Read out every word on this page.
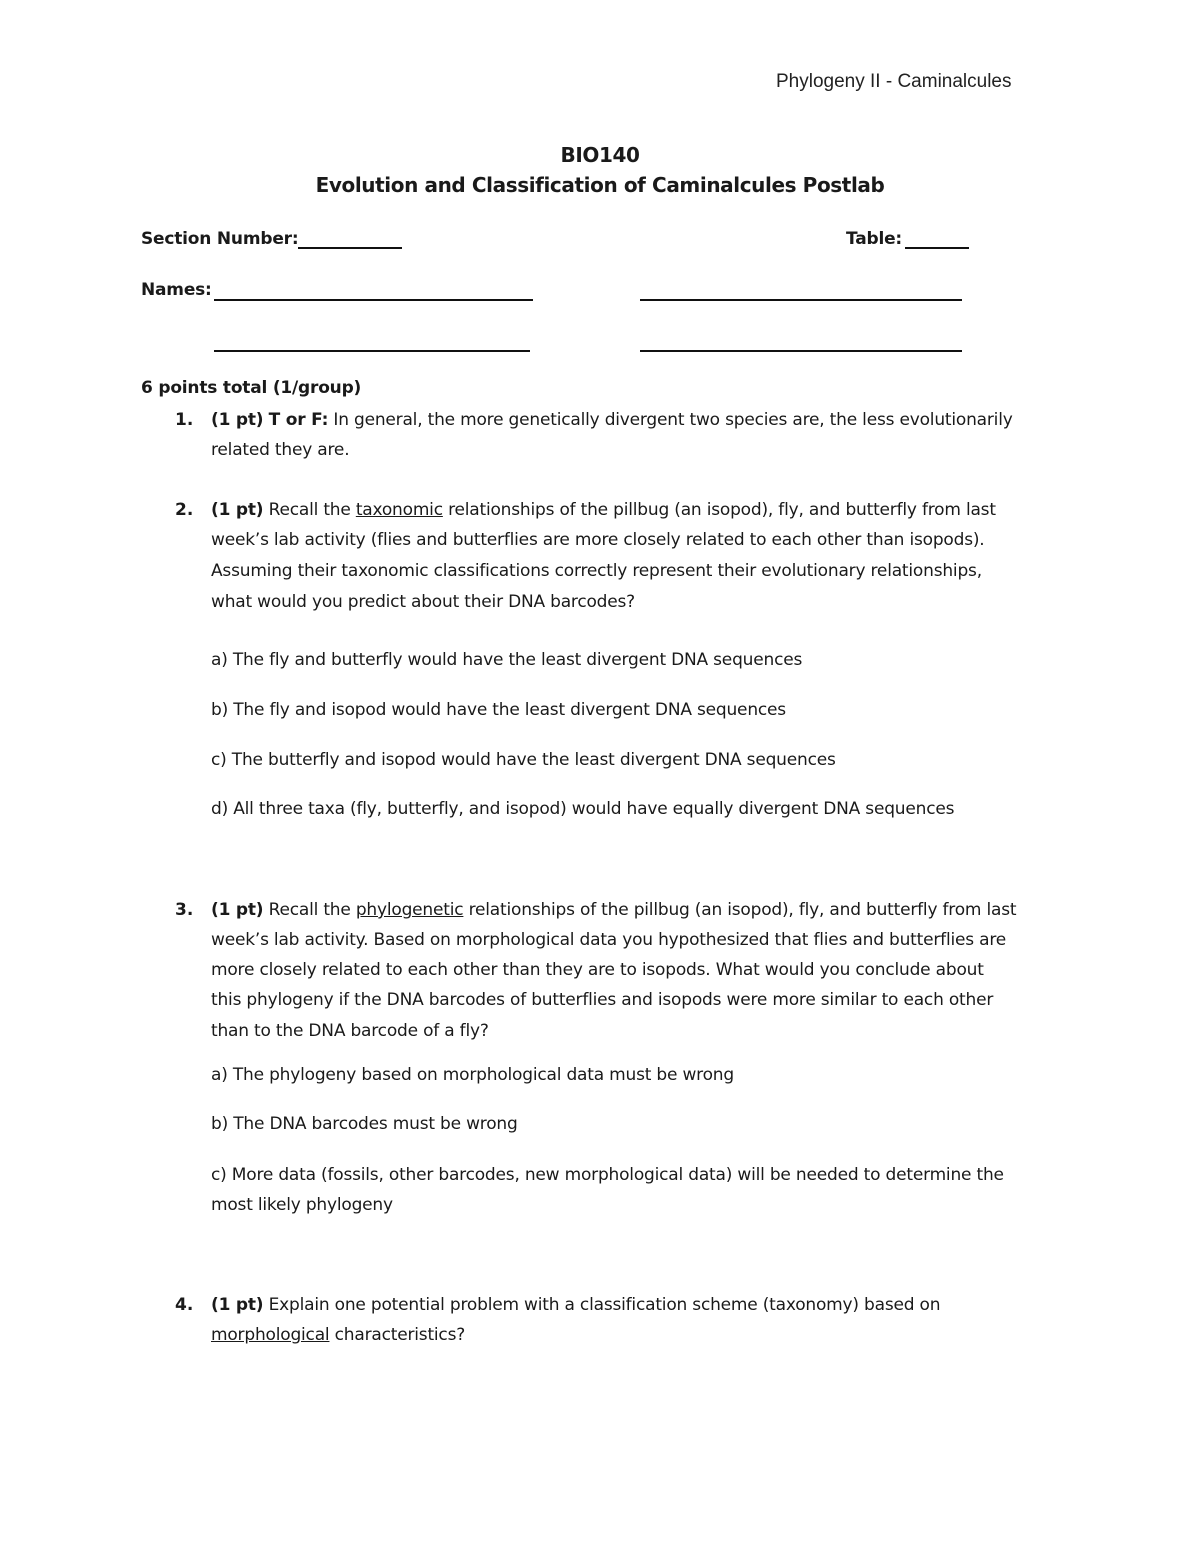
Phylogeny II - Caminalcules
BIO140
Evolution and Classification of Caminalcules Postlab
Section Number:	Table:
Names:
6 points total (1/group)
1. (1 pt) T or F: In general, the more genetically divergent two species are, the less evolutionarily
related they are.
2. (1 pt) Recall the taxonomic relationships of the pillbug (an isopod), fly, and butterfly from last
week’s lab activity (flies and butterflies are more closely related to each other than isopods).
Assuming their taxonomic classifications correctly represent their evolutionary relationships,
what would you predict about their DNA barcodes?
a) The fly and butterfly would have the least divergent DNA sequences
b) The fly and isopod would have the least divergent DNA sequences
c) The butterfly and isopod would have the least divergent DNA sequences
d) All three taxa (fly, butterfly, and isopod) would have equally divergent DNA sequences
3. (1 pt) Recall the phylogenetic relationships of the pillbug (an isopod), fly, and butterfly from last
week’s lab activity. Based on morphological data you hypothesized that flies and butterflies are
more closely related to each other than they are to isopods. What would you conclude about
this phylogeny if the DNA barcodes of butterflies and isopods were more similar to each other
than to the DNA barcode of a fly?
a) The phylogeny based on morphological data must be wrong
b) The DNA barcodes must be wrong
c) More data (fossils, other barcodes, new morphological data) will be needed to determine the
most likely phylogeny
4. (1 pt) Explain one potential problem with a classification scheme (taxonomy) based on
morphological characteristics?
